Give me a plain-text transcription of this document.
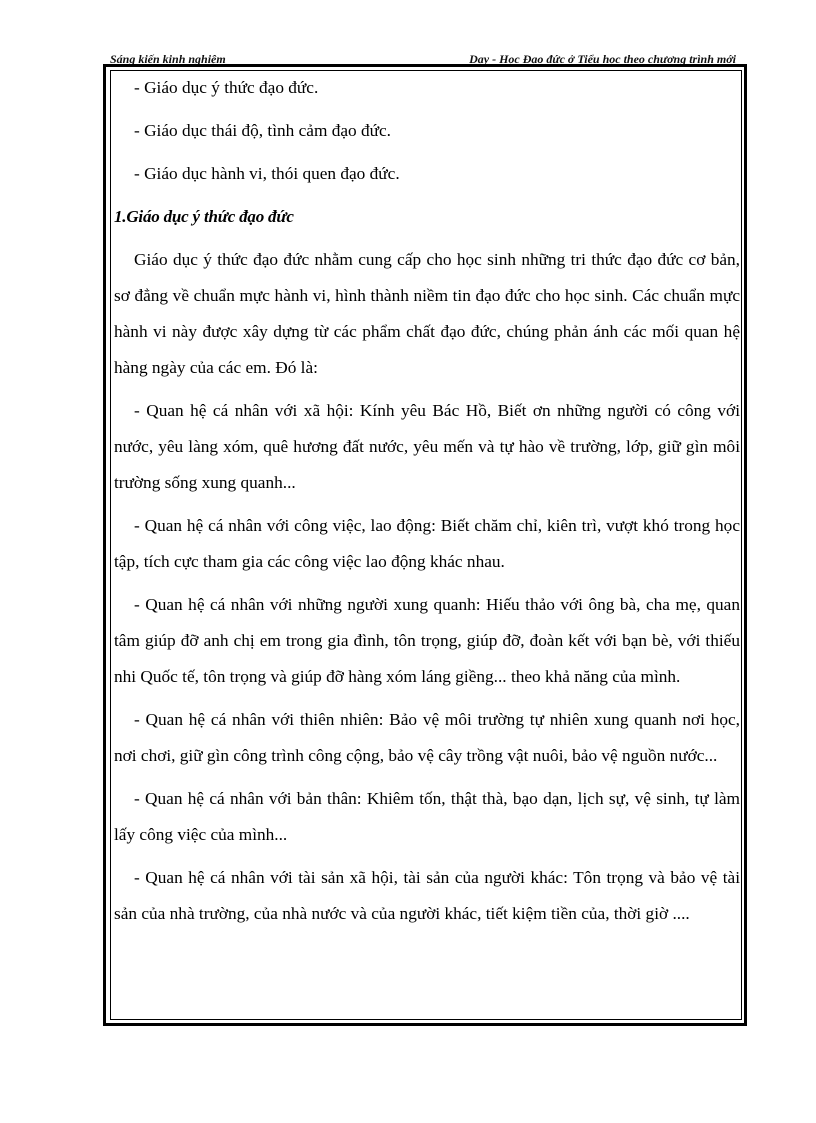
Sáng kiến kinh nghiệm	Dạy - Học Đạo đức ở Tiểu học theo chương trình mới

- Giáo dục ý thức đạo đức.

- Giáo dục thái độ, tình cảm đạo đức.

- Giáo dục hành vi, thói quen đạo đức.

1.Giáo dục ý thức đạo đức

Giáo dục ý thức đạo đức nhằm cung cấp cho học sinh những tri thức đạo đức cơ bản, sơ đẳng về chuẩn mực hành vi, hình thành niềm tin đạo đức cho học sinh. Các chuẩn mực hành vi này được xây dựng từ các phẩm chất đạo đức, chúng phản ánh các mối quan hệ hàng ngày của các em. Đó là:

- Quan hệ cá nhân với xã hội: Kính yêu Bác Hồ, Biết ơn những người có công với nước, yêu làng xóm, quê hương đất nước, yêu mến và tự hào về trường, lớp, giữ gìn môi trường sống xung quanh...

- Quan hệ cá nhân với công việc, lao động: Biết chăm chỉ, kiên trì, vượt khó trong học tập, tích cực tham gia các công việc lao động khác nhau.

- Quan hệ cá nhân với những người xung quanh: Hiếu thảo với ông bà, cha mẹ, quan tâm giúp đỡ anh chị em trong gia đình, tôn trọng, giúp đỡ, đoàn kết với bạn bè, với thiếu nhi Quốc tế, tôn trọng và giúp đỡ hàng xóm láng giềng... theo khả năng của mình.

- Quan hệ cá nhân với thiên nhiên: Bảo vệ môi trường tự nhiên xung quanh nơi học, nơi chơi, giữ gìn công trình công cộng, bảo vệ cây trồng vật nuôi, bảo vệ nguồn nước...

- Quan hệ cá nhân với bản thân: Khiêm tốn, thật thà, bạo dạn, lịch sự, vệ sinh, tự làm lấy công việc của mình...

- Quan hệ cá nhân với tài sản xã hội, tài sản của người khác: Tôn trọng và bảo vệ tài sản của nhà trường, của nhà nước và của người khác, tiết kiệm tiền của, thời giờ ....
